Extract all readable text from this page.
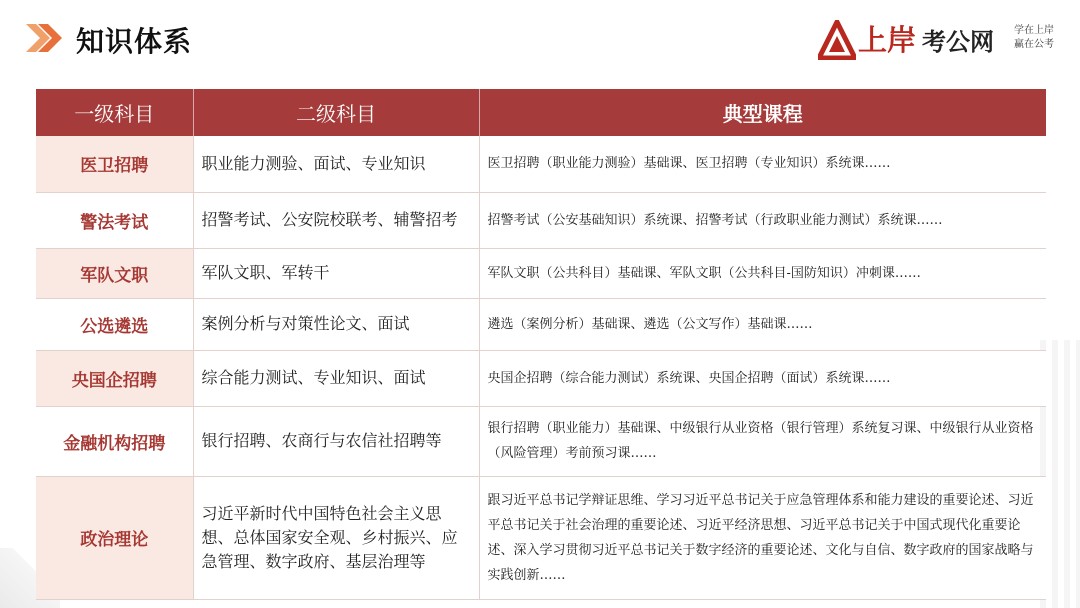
知识体系	上岸 考公网 学在上岸
赢在公考
一级科目	二级科目	典型课程
医卫招聘	职业能力测验、面试、专业知识	医卫招聘（职业能力测验）基础课、医卫招聘（专业知识）系统课……
警法考试	招警考试、公安院校联考、辅警招考	招警考试（公安基础知识）系统课、招警考试（行政职业能力测试）系统课……
军队文职	军队文职、军转干	军队文职（公共科目）基础课、军队文职（公共科目-国防知识）冲刺课……
公选遴选	案例分析与对策性论文、面试	遴选（案例分析）基础课、遴选（公文写作）基础课……
央国企招聘	综合能力测试、专业知识、面试	央国企招聘（综合能力测试）系统课、央国企招聘（面试）系统课……
金融机构招聘	银行招聘、农商行与农信社招聘等	银行招聘（职业能力）基础课、中级银行从业资格（银行管理）系统复习课、中级银行从业资格（风险管理）考前预习课……
政治理论	习近平新时代中国特色社会主义思想、总体国家安全观、乡村振兴、应急管理、数字政府、基层治理等	跟习近平总书记学辩证思维、学习习近平总书记关于应急管理体系和能力建设的重要论述、习近平总书记关于社会治理的重要论述、习近平经济思想、习近平总书记关于中国式现代化重要论述、深入学习贯彻习近平总书记关于数字经济的重要论述、文化与自信、数字政府的国家战略与实践创新……
